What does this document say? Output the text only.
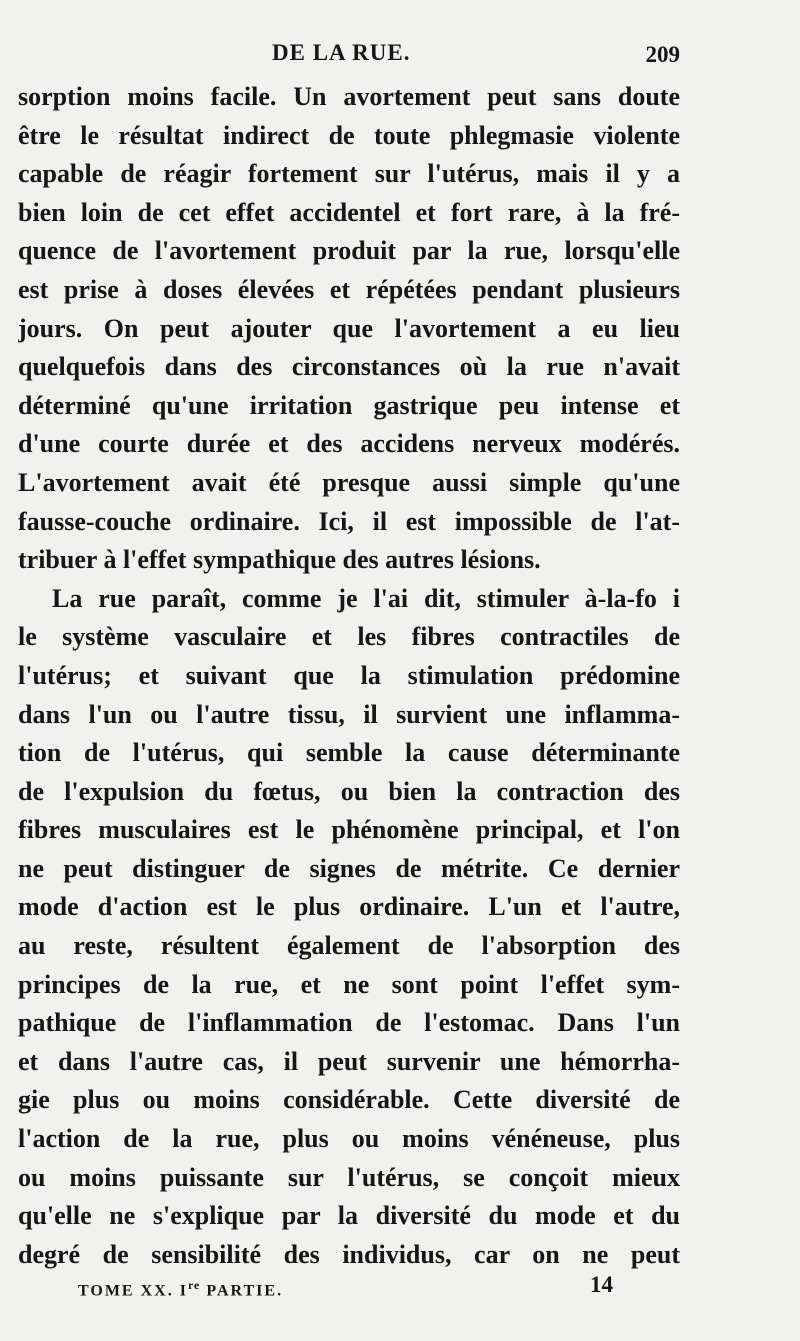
DE LA RUE.	209
sorption moins facile. Un avortement peut sans doute
être le résultat indirect de toute phlegmasie violente
capable de réagir fortement sur l'utérus, mais il y a
bien loin de cet effet accidentel et fort rare, à la fré-
quence de l'avortement produit par la rue, lorsqu'elle
est prise à doses élevées et répétées pendant plusieurs
jours. On peut ajouter que l'avortement a eu lieu
quelquefois dans des circonstances où la rue n'avait
déterminé qu'une irritation gastrique peu intense et
d'une courte durée et des accidens nerveux modérés.
L'avortement avait été presque aussi simple qu'une
fausse-couche ordinaire. Ici, il est impossible de l'at-
tribuer à l'effet sympathique des autres lésions.
La rue paraît, comme je l'ai dit, stimuler à-la-fo i
le système vasculaire et les fibres contractiles de
l'utérus; et suivant que la stimulation prédomine
dans l'un ou l'autre tissu, il survient une inflamma-
tion de l'utérus, qui semble la cause déterminante
de l'expulsion du fœtus, ou bien la contraction des
fibres musculaires est le phénomène principal, et l'on
ne peut distinguer de signes de métrite. Ce dernier
mode d'action est le plus ordinaire. L'un et l'autre,
au reste, résultent également de l'absorption des
principes de la rue, et ne sont point l'effet sym-
pathique de l'inflammation de l'estomac. Dans l'un
et dans l'autre cas, il peut survenir une hémorrha-
gie plus ou moins considérable. Cette diversité de
l'action de la rue, plus ou moins vénéneuse, plus
ou moins puissante sur l'utérus, se conçoit mieux
qu'elle ne s'explique par la diversité du mode et du
degré de sensibilité des individus, car on ne peut
TOME XX. Ire PARTIE.	14
